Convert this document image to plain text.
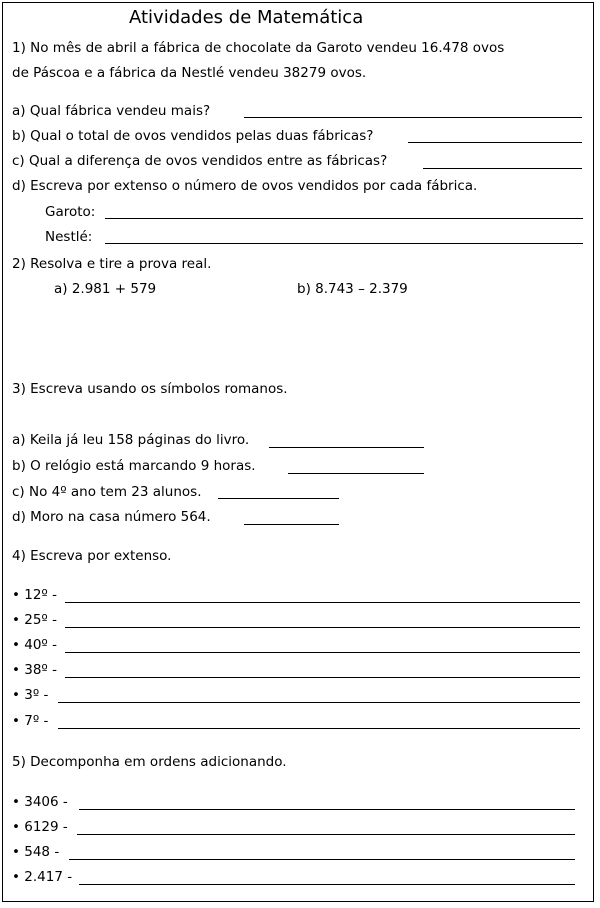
Atividades de Matemática
1) No mês de abril a fábrica de chocolate da Garoto vendeu 16.478 ovos
de Páscoa e a fábrica da Nestlé vendeu 38279 ovos.
a) Qual fábrica vendeu mais?
b) Qual o total de ovos vendidos pelas duas fábricas?
c) Qual a diferença de ovos vendidos entre as fábricas?
d) Escreva por extenso o número de ovos vendidos por cada fábrica.
Garoto:
Nestlé:
2) Resolva e tire a prova real.
a) 2.981 + 579	b) 8.743 – 2.379
3) Escreva usando os símbolos romanos.
a) Keila já leu 158 páginas do livro.
b) O relógio está marcando 9 horas.
c) No 4º ano tem 23 alunos.
d) Moro na casa número 564.
4) Escreva por extenso.
• 12º -
• 25º -
• 40º -
• 38º -
• 3º -
• 7º -
5) Decomponha em ordens adicionando.
• 3406 -
• 6129 -
• 548 -
• 2.417 -
